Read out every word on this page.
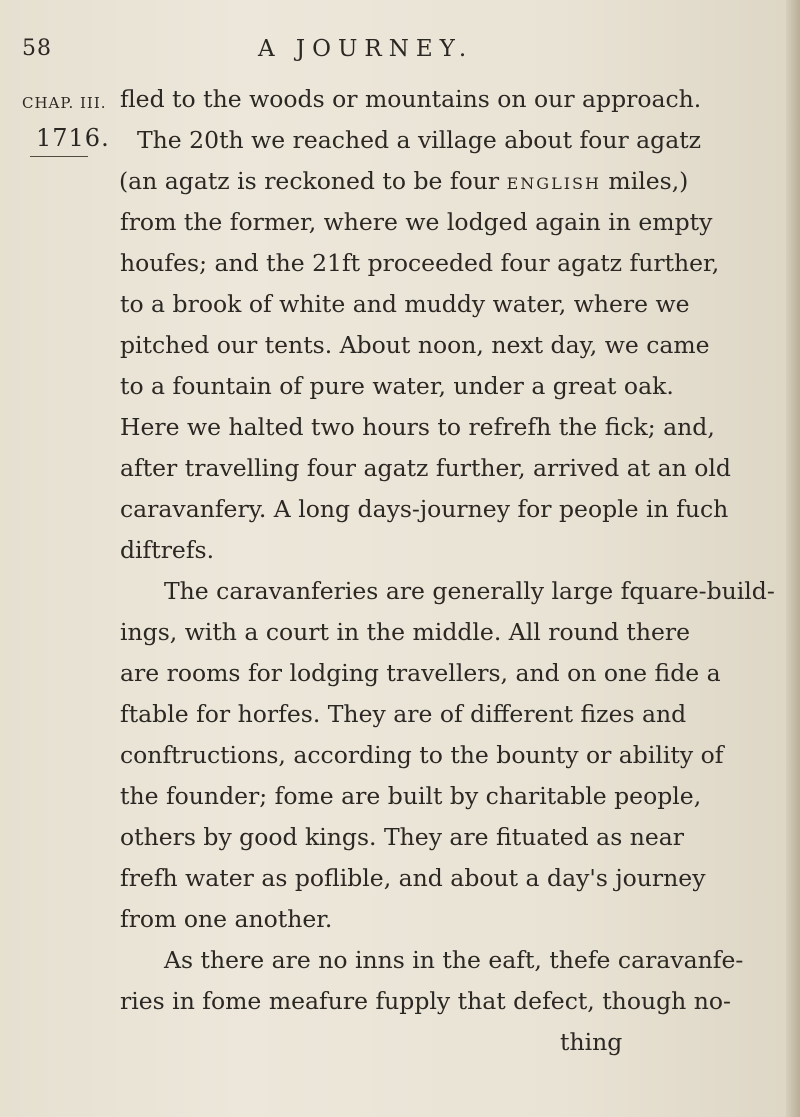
58	A JOURNEY.
CHAP. III.
1716.
fled to the woods or mountains on our approach.
The 20th we reached a village about four agatz
(an agatz is reckoned to be four ENGLISH miles,)
from the former, where we lodged again in empty
houfes; and the 21ft proceeded four agatz further,
to a brook of white and muddy water, where we
pitched our tents. About noon, next day, we came
to a fountain of pure water, under a great oak.
Here we halted two hours to refrefh the fick; and,
after travelling four agatz further, arrived at an old
caravanfery. A long days-journey for people in fuch
diftrefs.
The caravanferies are generally large fquare-build-
ings, with a court in the middle. All round there
are rooms for lodging travellers, and on one fide a
ftable for horfes. They are of different fizes and
conftructions, according to the bounty or ability of
the founder; fome are built by charitable people,
others by good kings. They are fituated as near
frefh water as poflible, and about a day's journey
from one another.
As there are no inns in the eaft, thefe caravanfe-
ries in fome meafure fupply that defect, though no-
thing
